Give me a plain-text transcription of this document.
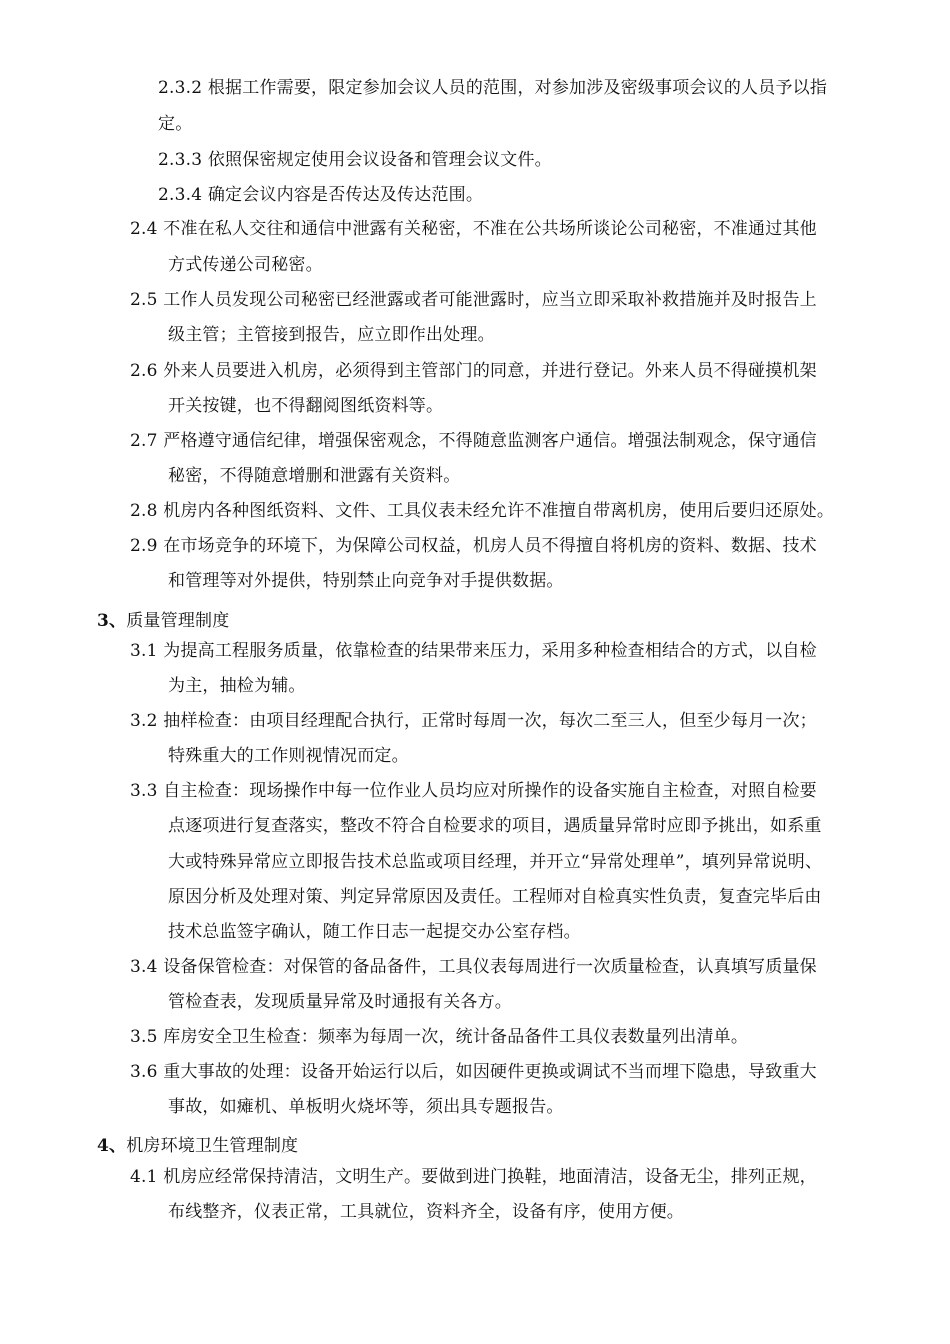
2.3.2 根据工作需要，限定参加会议人员的范围，对参加涉及密级事项会议的人员予以指
定。
2.3.3 依照保密规定使用会议设备和管理会议文件。
2.3.4 确定会议内容是否传达及传达范围。
2.4 不准在私人交往和通信中泄露有关秘密，不准在公共场所谈论公司秘密，不准通过其他
方式传递公司秘密。
2.5 工作人员发现公司秘密已经泄露或者可能泄露时，应当立即采取补救措施并及时报告上
级主管；主管接到报告，应立即作出处理。
2.6 外来人员要进入机房，必须得到主管部门的同意，并进行登记。外来人员不得碰摸机架
开关按键，也不得翻阅图纸资料等。
2.7 严格遵守通信纪律，增强保密观念，不得随意监测客户通信。增强法制观念，保守通信
秘密，不得随意增删和泄露有关资料。
2.8 机房内各种图纸资料、文件、工具仪表未经允许不准擅自带离机房，使用后要归还原处。
2.9 在市场竞争的环境下，为保障公司权益，机房人员不得擅自将机房的资料、数据、技术
和管理等对外提供，特别禁止向竞争对手提供数据。
3、质量管理制度
3.1 为提高工程服务质量，依靠检查的结果带来压力，采用多种检查相结合的方式，以自检
为主，抽检为辅。
3.2 抽样检查：由项目经理配合执行，正常时每周一次，每次二至三人，但至少每月一次；
特殊重大的工作则视情况而定。
3.3 自主检查：现场操作中每一位作业人员均应对所操作的设备实施自主检查，对照自检要
点逐项进行复查落实，整改不符合自检要求的项目，遇质量异常时应即予挑出，如系重
大或特殊异常应立即报告技术总监或项目经理，并开立“异常处理单”，填列异常说明、
原因分析及处理对策、判定异常原因及责任。工程师对自检真实性负责，复查完毕后由
技术总监签字确认，随工作日志一起提交办公室存档。
3.4 设备保管检查：对保管的备品备件，工具仪表每周进行一次质量检查，认真填写质量保
管检查表，发现质量异常及时通报有关各方。
3.5 库房安全卫生检查：频率为每周一次，统计备品备件工具仪表数量列出清单。
3.6 重大事故的处理：设备开始运行以后，如因硬件更换或调试不当而埋下隐患，导致重大
事故，如瘫机、单板明火烧坏等，须出具专题报告。
4、机房环境卫生管理制度
4.1 机房应经常保持清洁，文明生产。要做到进门换鞋，地面清洁，设备无尘，排列正规，
布线整齐，仪表正常，工具就位，资料齐全，设备有序，使用方便。
